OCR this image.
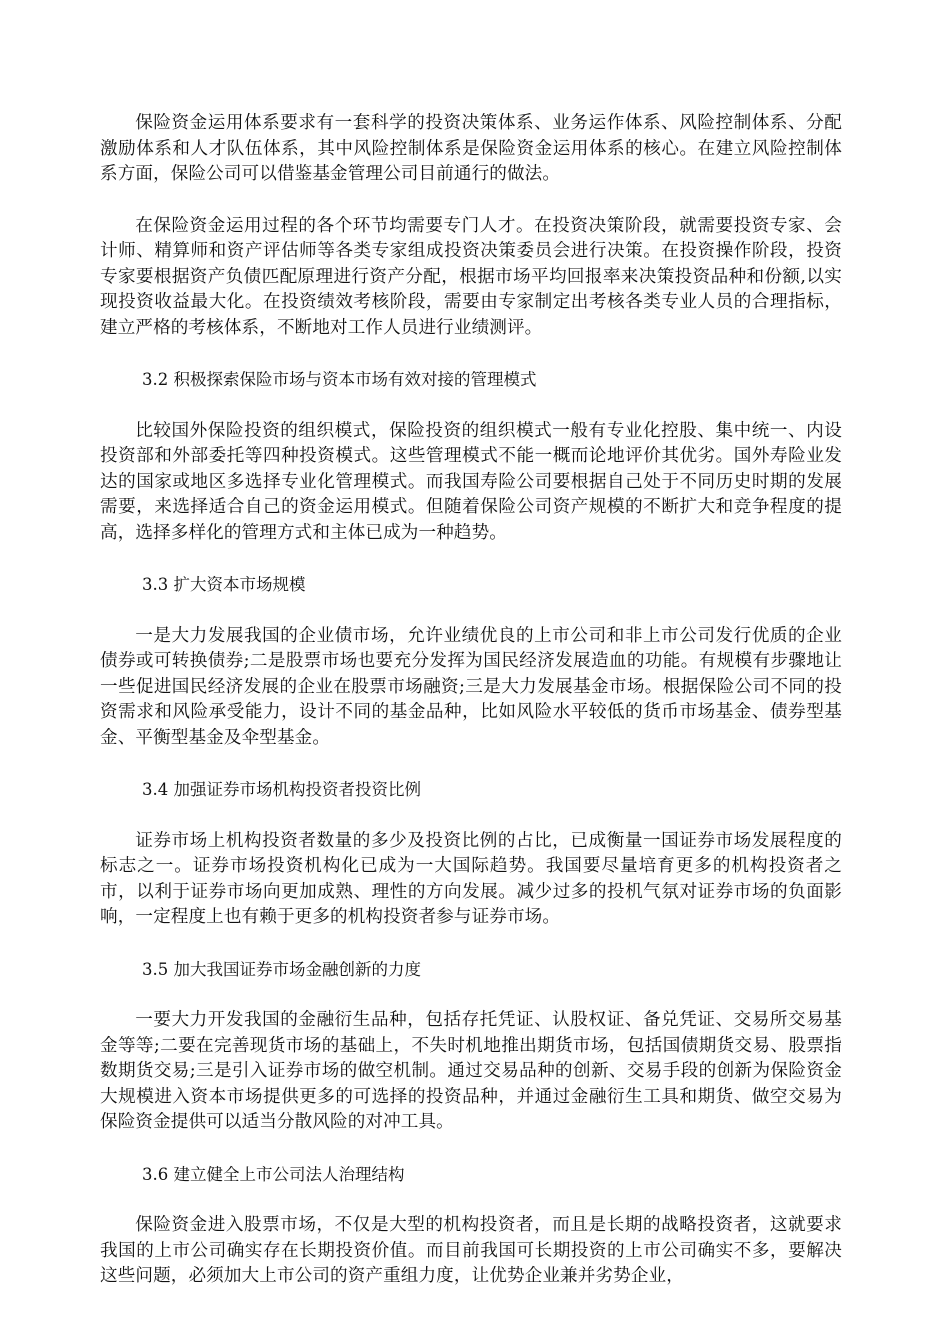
保险资金运用体系要求有一套科学的投资决策体系、业务运作体系、风险控制体系、分配激励体系和人才队伍体系，其中风险控制体系是保险资金运用体系的核心。在建立风险控制体系方面，保险公司可以借鉴基金管理公司目前通行的做法。

在保险资金运用过程的各个环节均需要专门人才。在投资决策阶段，就需要投资专家、会计师、精算师和资产评估师等各类专家组成投资决策委员会进行决策。在投资操作阶段，投资专家要根据资产负债匹配原理进行资产分配，根据市场平均回报率来决策投资品种和份额,以实现投资收益最大化。在投资绩效考核阶段，需要由专家制定出考核各类专业人员的合理指标，建立严格的考核体系，不断地对工作人员进行业绩测评。

3.2 积极探索保险市场与资本市场有效对接的管理模式

比较国外保险投资的组织模式，保险投资的组织模式一般有专业化控股、集中统一、内设投资部和外部委托等四种投资模式。这些管理模式不能一概而论地评价其优劣。国外寿险业发达的国家或地区多选择专业化管理模式。而我国寿险公司要根据自己处于不同历史时期的发展需要，来选择适合自己的资金运用模式。但随着保险公司资产规模的不断扩大和竞争程度的提高，选择多样化的管理方式和主体已成为一种趋势。

3.3 扩大资本市场规模

一是大力发展我国的企业债市场，允许业绩优良的上市公司和非上市公司发行优质的企业债券或可转换债券;二是股票市场也要充分发挥为国民经济发展造血的功能。有规模有步骤地让一些促进国民经济发展的企业在股票市场融资;三是大力发展基金市场。根据保险公司不同的投资需求和风险承受能力，设计不同的基金品种，比如风险水平较低的货币市场基金、债券型基金、平衡型基金及伞型基金。

3.4 加强证券市场机构投资者投资比例

证券市场上机构投资者数量的多少及投资比例的占比，已成衡量一国证券市场发展程度的标志之一。证券市场投资机构化已成为一大国际趋势。我国要尽量培育更多的机构投资者之市，以利于证券市场向更加成熟、理性的方向发展。减少过多的投机气氛对证券市场的负面影响，一定程度上也有赖于更多的机构投资者参与证券市场。

3.5 加大我国证券市场金融创新的力度

一要大力开发我国的金融衍生品种，包括存托凭证、认股权证、备兑凭证、交易所交易基金等等;二要在完善现货市场的基础上，不失时机地推出期货市场，包括国债期货交易、股票指数期货交易;三是引入证券市场的做空机制。通过交易品种的创新、交易手段的创新为保险资金大规模进入资本市场提供更多的可选择的投资品种，并通过金融衍生工具和期货、做空交易为保险资金提供可以适当分散风险的对冲工具。

3.6 建立健全上市公司法人治理结构

保险资金进入股票市场，不仅是大型的机构投资者，而且是长期的战略投资者，这就要求我国的上市公司确实存在长期投资价值。而目前我国可长期投资的上市公司确实不多，要解决这些问题，必须加大上市公司的资产重组力度，让优势企业兼并劣势企业，
